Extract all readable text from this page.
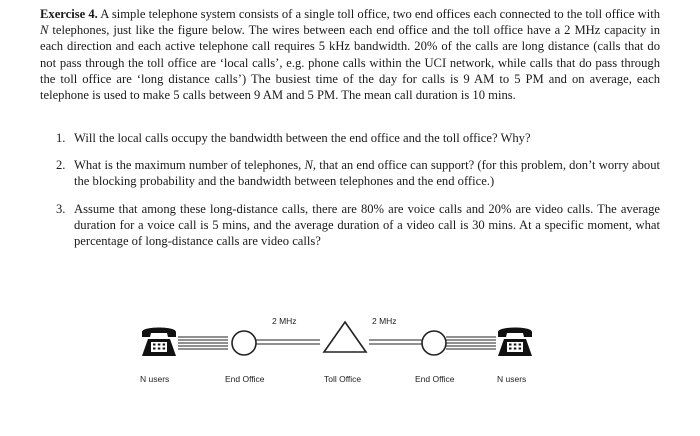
Exercise 4. A simple telephone system consists of a single toll office, two end offices each connected to the toll office with N telephones, just like the figure below. The wires between each end office and the toll office have a 2 MHz capacity in each direction and each active telephone call requires 5 kHz bandwidth. 20% of the calls are long distance (calls that do not pass through the toll office are ‘local calls’, e.g. phone calls within the UCI network, while calls that do pass through the toll office are ‘long distance calls’) The busiest time of the day for calls is 9 AM to 5 PM and on average, each telephone is used to make 5 calls between 9 AM and 5 PM. The mean call duration is 10 mins.

1. Will the local calls occupy the bandwidth between the end office and the toll office? Why?
2. What is the maximum number of telephones, N, that an end office can support? (for this problem, don’t worry about the blocking probability and the bandwidth between telephones and the end office.)
3. Assume that among these long-distance calls, there are 80% are voice calls and 20% are video calls. The average duration for a voice call is 5 mins, and the average duration of a video call is 30 mins. At a specific moment, what percentage of long-distance calls are video calls?
2 MHz	2 MHz
N users	End Office	Toll Office	End Office	N users
